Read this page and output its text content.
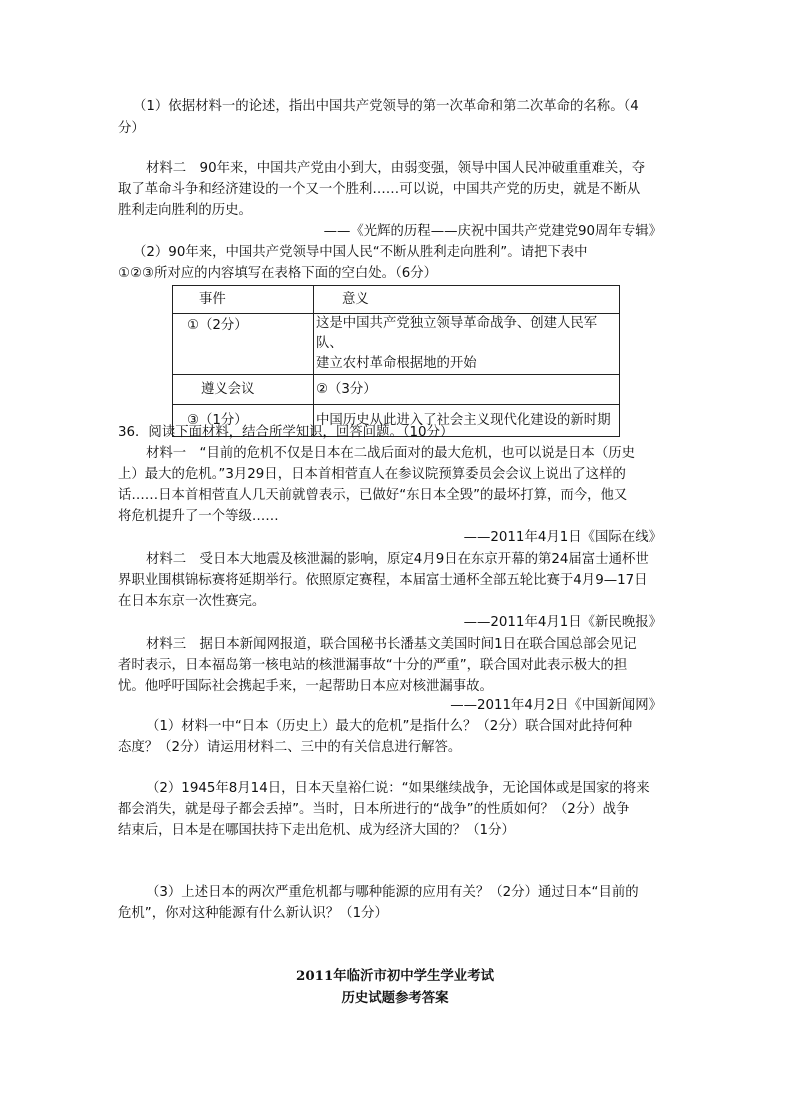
（1）依据材料一的论述，指出中国共产党领导的第一次革命和第二次革命的名称。（4
分）
材料二　90年来，中国共产党由小到大，由弱变强，领导中国人民冲破重重难关，夺
取了革命斗争和经济建设的一个又一个胜利……可以说，中国共产党的历史，就是不断从
胜利走向胜利的历史。
——《光辉的历程——庆祝中国共产党建党90周年专辑》
（2）90年来，中国共产党领导中国人民“不断从胜利走向胜利”。请把下表中
①②③所对应的内容填写在表格下面的空白处。（6分）
事件	意义
①（2分）	这是中国共产党独立领导革命战争、创建人民军队、
建立农村革命根据地的开始

遵义会议	②（3分）
③（1分）	中国历史从此进入了社会主义现代化建设的新时期
36．阅读下面材料，结合所学知识，回答问题。（10分）
材料一　“目前的危机不仅是日本在二战后面对的最大危机，也可以说是日本（历史
上）最大的危机。”3月29日，日本首相菅直人在参议院预算委员会会议上说出了这样的
话……日本首相菅直人几天前就曾表示，已做好“东日本全毁”的最坏打算，而今，他又
将危机提升了一个等级……
——2011年4月1日《国际在线》
材料二　受日本大地震及核泄漏的影响，原定4月9日在东京开幕的第24届富士通杯世
界职业围棋锦标赛将延期举行。依照原定赛程，本届富士通杯全部五轮比赛于4月9—17日
在日本东京一次性赛完。
——2011年4月1日《新民晚报》
材料三　据日本新闻网报道，联合国秘书长潘基文美国时间1日在联合国总部会见记
者时表示，日本福岛第一核电站的核泄漏事故“十分的严重”，联合国对此表示极大的担
忧。他呼吁国际社会携起手来，一起帮助日本应对核泄漏事故。
——2011年4月2日《中国新闻网》
（1）材料一中“日本（历史上）最大的危机”是指什么？（2分）联合国对此持何种
态度？（2分）请运用材料二、三中的有关信息进行解答。
（2）1945年8月14日，日本天皇裕仁说：“如果继续战争，无论国体或是国家的将来
都会消失，就是母子都会丢掉”。当时，日本所进行的“战争”的性质如何？（2分）战争
结束后，日本是在哪国扶持下走出危机、成为经济大国的？（1分）
（3）上述日本的两次严重危机都与哪种能源的应用有关？（2分）通过日本“目前的
危机”，你对这种能源有什么新认识？（1分）
2011年临沂市初中学生学业考试
历史试题参考答案
